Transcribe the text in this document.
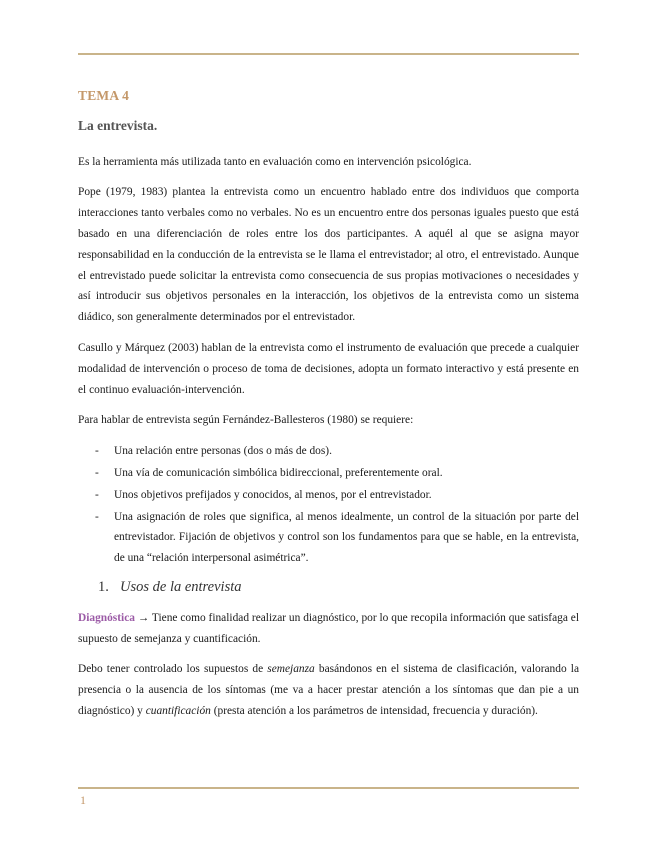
TEMA 4
La entrevista.

Es la herramienta más utilizada tanto en evaluación como en intervención psicológica.

Pope (1979, 1983) plantea la entrevista como un encuentro hablado entre dos individuos que comporta interacciones tanto verbales como no verbales. No es un encuentro entre dos personas iguales puesto que está basado en una diferenciación de roles entre los dos participantes. A aquél al que se asigna mayor responsabilidad en la conducción de la entrevista se le llama el entrevistador; al otro, el entrevistado. Aunque el entrevistado puede solicitar la entrevista como consecuencia de sus propias motivaciones o necesidades y así introducir sus objetivos personales en la interacción, los objetivos de la entrevista como un sistema diádico, son generalmente determinados por el entrevistador.

Casullo y Márquez (2003) hablan de la entrevista como el instrumento de evaluación que precede a cualquier modalidad de intervención o proceso de toma de decisiones, adopta un formato interactivo y está presente en el continuo evaluación-intervención.

Para hablar de entrevista según Fernández-Ballesteros (1980) se requiere:

- Una relación entre personas (dos o más de dos).
- Una vía de comunicación simbólica bidireccional, preferentemente oral.
- Unos objetivos prefijados y conocidos, al menos, por el entrevistador.
- Una asignación de roles que significa, al menos idealmente, un control de la situación por parte del entrevistador. Fijación de objetivos y control son los fundamentos para que se hable, en la entrevista, de una “relación interpersonal asimétrica”.
1. Usos de la entrevista

Diagnóstica → Tiene como finalidad realizar un diagnóstico, por lo que recopila información que satisfaga el supuesto de semejanza y cuantificación.

Debo tener controlado los supuestos de semejanza basándonos en el sistema de clasificación, valorando la presencia o la ausencia de los síntomas (me va a hacer prestar atención a los síntomas que dan pie a un diagnóstico) y cuantificación (presta atención a los parámetros de intensidad, frecuencia y duración).

1
